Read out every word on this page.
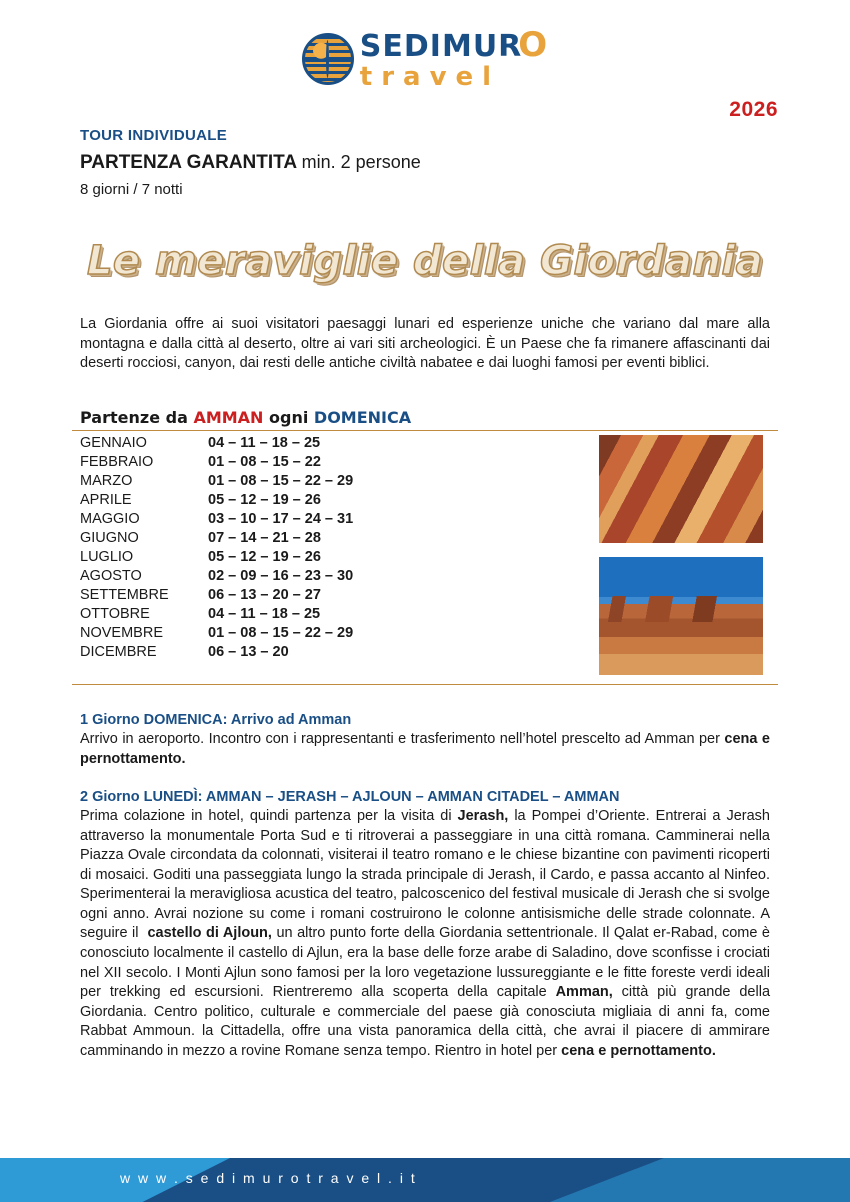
SEDIMURO
travel
2026
TOUR INDIVIDUALE
PARTENZA GARANTITA min. 2 persone
8 giorni / 7 notti
Le meraviglie della Giordania
La Giordania offre ai suoi visitatori paesaggi lunari ed esperienze uniche che variano dal mare alla montagna e dalla città al deserto, oltre ai vari siti archeologici. È un Paese che fa rimanere affascinanti dai deserti rocciosi, canyon, dai resti delle antiche civiltà nabatee e dai luoghi famosi per eventi biblici.
Partenze da AMMAN ogni DOMENICA
GENNAIO	04 – 11 – 18 – 25
FEBBRAIO	01 – 08 – 15 – 22
MARZO	01 – 08 – 15 – 22 – 29
APRILE	05 – 12 – 19 – 26
MAGGIO	03 – 10 – 17 – 24 – 31
GIUGNO	07 – 14 – 21 – 28
LUGLIO	05 – 12 – 19 – 26
AGOSTO	02 – 09 – 16 – 23 – 30
SETTEMBRE	06 – 13 – 20 – 27
OTTOBRE	04 – 11 – 18 – 25
NOVEMBRE	01 – 08 – 15 – 22 – 29
DICEMBRE	06 – 13 – 20
1 Giorno DOMENICA: Arrivo ad Amman
Arrivo in aeroporto. Incontro con i rappresentanti e trasferimento nell’hotel prescelto ad Amman per cena e pernottamento.
2 Giorno LUNEDÌ: AMMAN – JERASH – AJLOUN – AMMAN CITADEL – AMMAN
Prima colazione in hotel, quindi partenza per la visita di Jerash, la Pompei d’Oriente. Entrerai a Jerash attraverso la monumentale Porta Sud e ti ritroverai a passeggiare in una città romana. Camminerai nella Piazza Ovale circondata da colonnati, visiterai il teatro romano e le chiese bizantine con pavimenti ricoperti di mosaici. Goditi una passeggiata lungo la strada principale di Jerash, il Cardo, e passa accanto al Ninfeo. Sperimenterai la meravigliosa acustica del teatro, palcoscenico del festival musicale di Jerash che si svolge ogni anno. Avrai nozione su come i romani costruirono le colonne antisismiche delle strade colonnate. A seguire il  castello di Ajloun, un altro punto forte della Giordania settentrionale. Il Qalat er-Rabad, come è conosciuto localmente il castello di Ajlun, era la base delle forze arabe di Saladino, dove sconfisse i crociati nel XII secolo. I Monti Ajlun sono famosi per la loro vegetazione lussureggiante e le fitte foreste verdi ideali per trekking ed escursioni. Rientreremo alla scoperta della capitale Amman, città più grande della Giordania. Centro politico, culturale e commerciale del paese già conosciuta migliaia di anni fa, come Rabbat Ammoun. la Cittadella, offre una vista panoramica della città, che avrai il piacere di ammirare camminando in mezzo a rovine Romane senza tempo. Rientro in hotel per cena e pernottamento.
w w w . s e d i m u r o t r a v e l . i t
